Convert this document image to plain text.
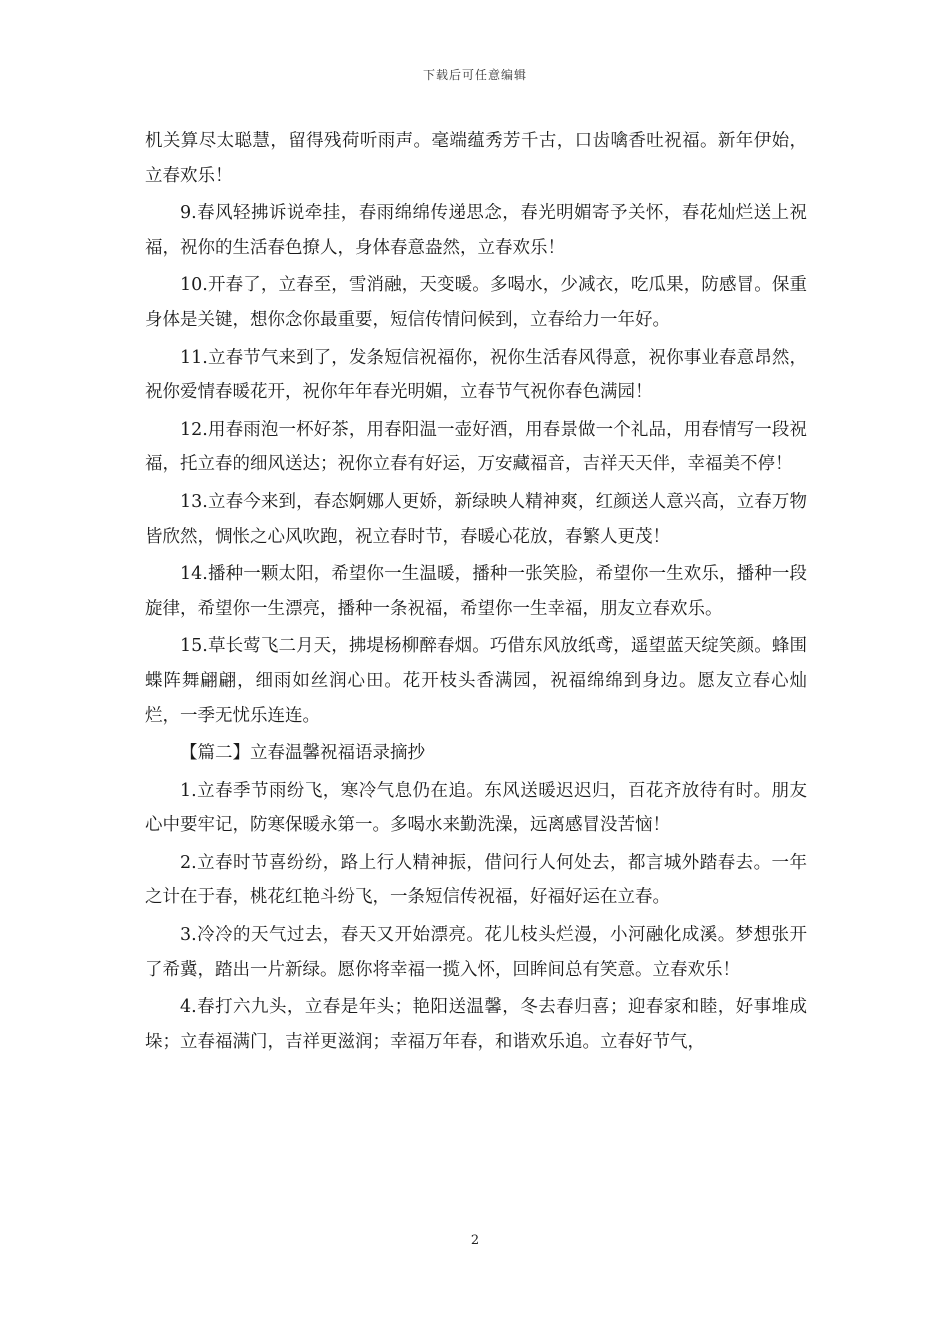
下载后可任意编辑

机关算尽太聪慧，留得残荷听雨声。毫端蕴秀芳千古，口齿噙香吐祝福。新年伊始，立春欢乐！

9.春风轻拂诉说牵挂，春雨绵绵传递思念，春光明媚寄予关怀，春花灿烂送上祝福，祝你的生活春色撩人，身体春意盎然，立春欢乐！

10.开春了，立春至，雪消融，天变暖。多喝水，少减衣，吃瓜果，防感冒。保重身体是关键，想你念你最重要，短信传情问候到，立春给力一年好。

11.立春节气来到了，发条短信祝福你，祝你生活春风得意，祝你事业春意昂然，祝你爱情春暖花开，祝你年年春光明媚，立春节气祝你春色满园！

12.用春雨泡一杯好茶，用春阳温一壶好酒，用春景做一个礼品，用春情写一段祝福，托立春的细风送达；祝你立春有好运，万安藏福音，吉祥天天伴，幸福美不停！

13.立春今来到，春态婀娜人更娇，新绿映人精神爽，红颜送人意兴高，立春万物皆欣然，惆怅之心风吹跑，祝立春时节，春暖心花放，春繁人更茂！

14.播种一颗太阳，希望你一生温暖，播种一张笑脸，希望你一生欢乐，播种一段旋律，希望你一生漂亮，播种一条祝福，希望你一生幸福，朋友立春欢乐。

15.草长莺飞二月天，拂堤杨柳醉春烟。巧借东风放纸鸢，遥望蓝天绽笑颜。蜂围蝶阵舞翩翩，细雨如丝润心田。花开枝头香满园，祝福绵绵到身边。愿友立春心灿烂，一季无忧乐连连。

【篇二】立春温馨祝福语录摘抄

1.立春季节雨纷飞，寒冷气息仍在追。东风送暖迟迟归，百花齐放待有时。朋友心中要牢记，防寒保暖永第一。多喝水来勤洗澡，远离感冒没苦恼！

2.立春时节喜纷纷，路上行人精神振，借问行人何处去，都言城外踏春去。一年之计在于春，桃花红艳斗纷飞，一条短信传祝福，好福好运在立春。

3.冷冷的天气过去，春天又开始漂亮。花儿枝头烂漫，小河融化成溪。梦想张开了希冀，踏出一片新绿。愿你将幸福一揽入怀，回眸间总有笑意。立春欢乐！

4.春打六九头，立春是年头；艳阳送温馨，冬去春归喜；迎春家和睦，好事堆成垛；立春福满门，吉祥更滋润；幸福万年春，和谐欢乐追。立春好节气，

2
